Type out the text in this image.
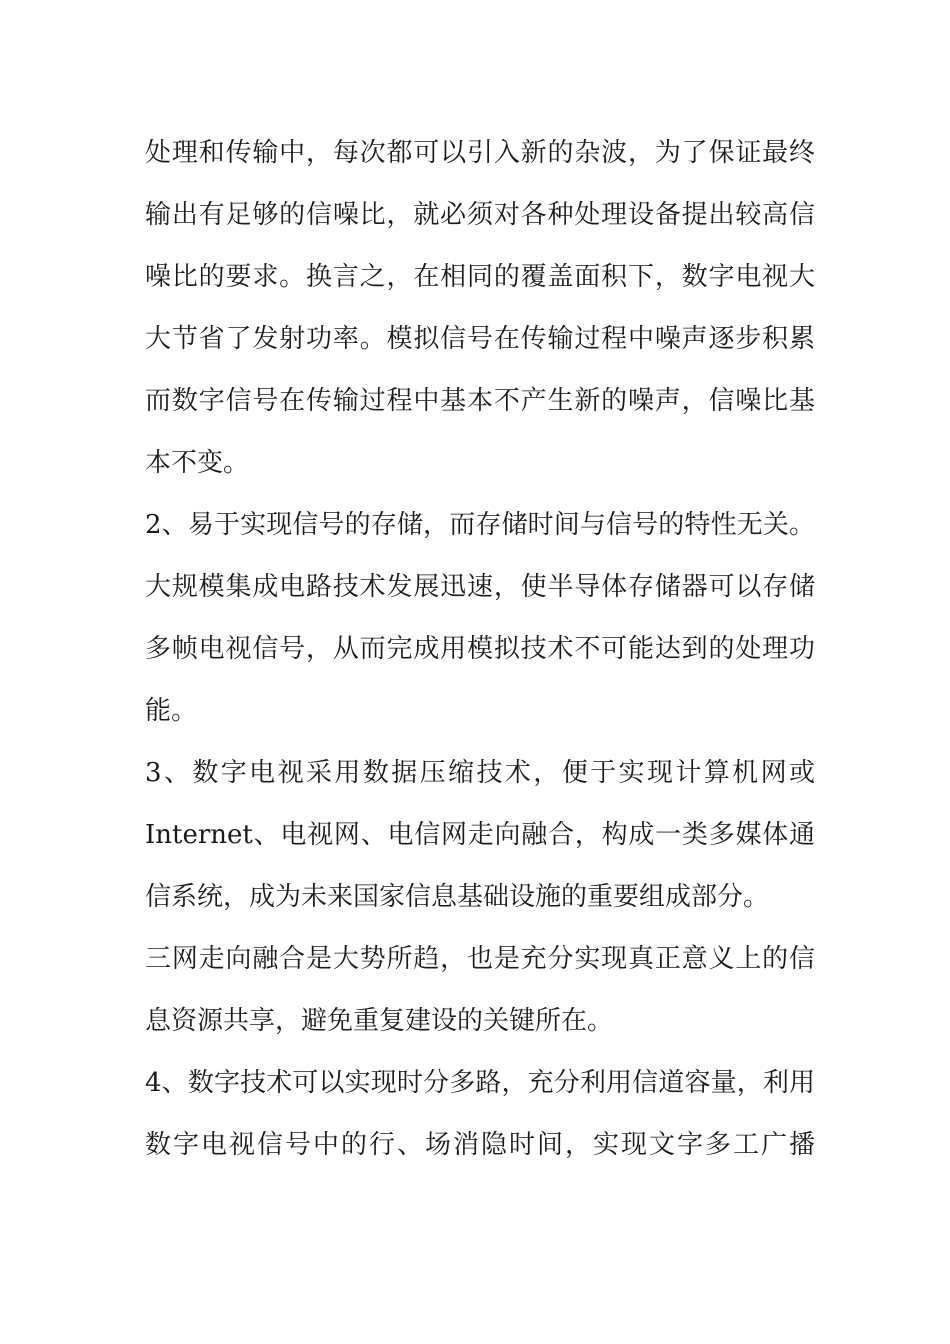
处理和传输中，每次都可以引入新的杂波，为了保证最终
输出有足够的信噪比，就必须对各种处理设备提出较高信
噪比的要求。换言之，在相同的覆盖面积下，数字电视大
大节省了发射功率。模拟信号在传输过程中噪声逐步积累
而数字信号在传输过程中基本不产生新的噪声，信噪比基
本不变。
2、易于实现信号的存储，而存储时间与信号的特性无关。
大规模集成电路技术发展迅速，使半导体存储器可以存储
多帧电视信号，从而完成用模拟技术不可能达到的处理功
能。
3、数字电视采用数据压缩技术，便于实现计算机网或
Internet、电视网、电信网走向融合，构成一类多媒体通
信系统，成为未来国家信息基础设施的重要组成部分。
三网走向融合是大势所趋，也是充分实现真正意义上的信
息资源共享，避免重复建设的关键所在。
4、数字技术可以实现时分多路，充分利用信道容量，利用
数字电视信号中的行、场消隐时间，实现文字多工广播
